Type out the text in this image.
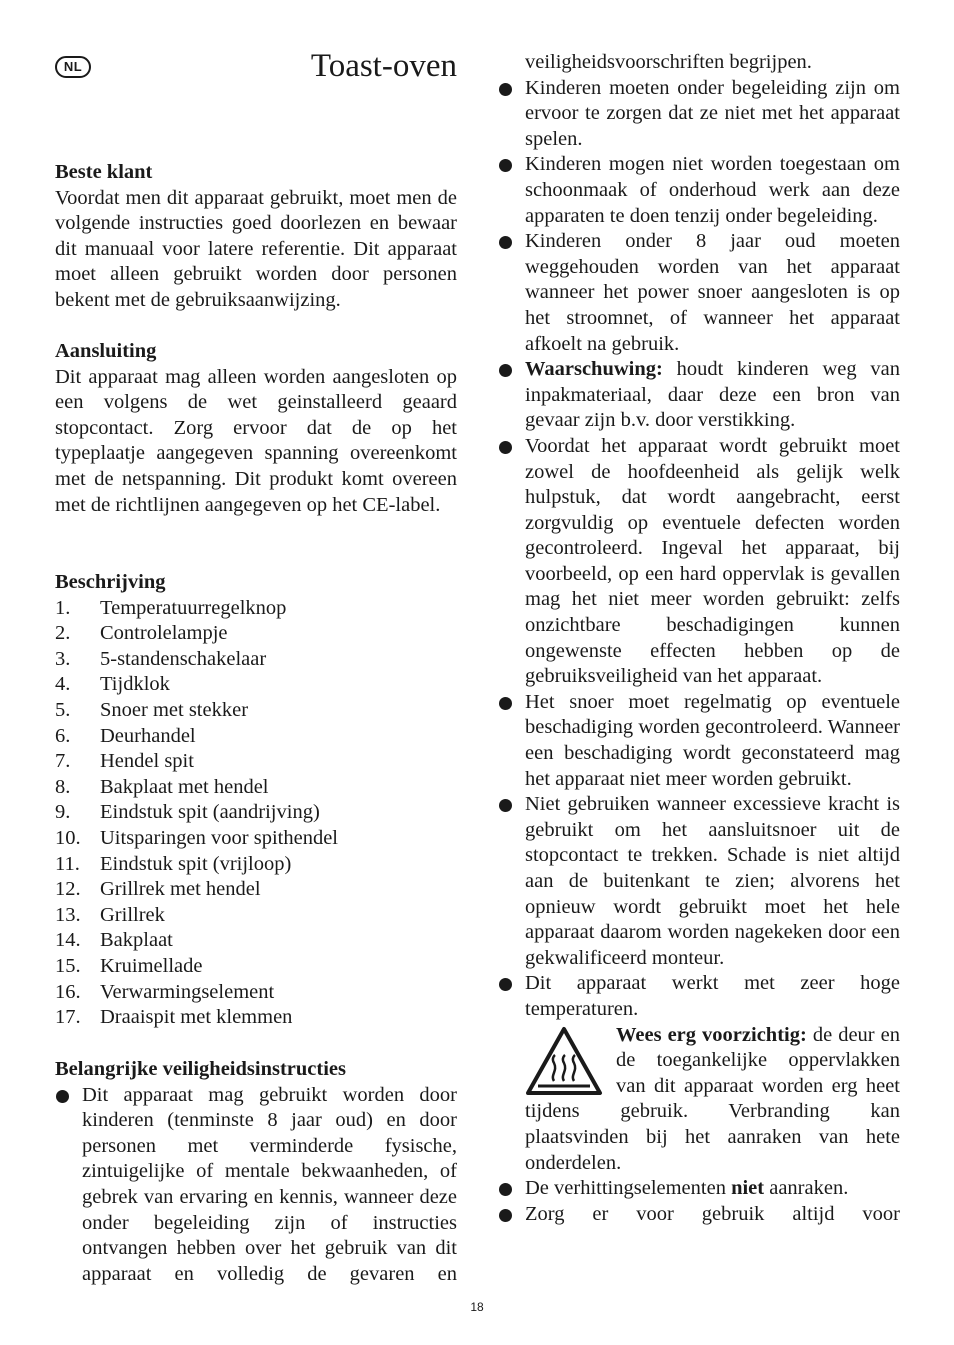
NL	Toast-oven
Beste klant

Voordat men dit apparaat gebruikt, moet men de volgende instructies goed doorlezen en bewaar dit manuaal voor latere referentie. Dit apparaat moet alleen gebruikt worden door personen bekent met de gebruiksaanwijzing.

Aansluiting

Dit apparaat mag alleen worden aangesloten op een volgens de wet geinstalleerd geaard stopcontact. Zorg ervoor dat de op het typeplaatje aangegeven spanning overeenkomt met de netspanning. Dit produkt komt overeen met de richtlijnen aangegeven op het CE-label.

Beschrijving
1.	Temperatuurregelknop
2.	Controlelampje
3.	5-standenschakelaar
4.	Tijdklok
5.	Snoer met stekker
6.	Deurhandel
7.	Hendel spit
8.	Bakplaat met hendel
9.	Eindstuk spit (aandrijving)
10. Uitsparingen voor spithendel
11. Eindstuk spit (vrijloop)
12. Grillrek met hendel
13. Grillrek
14. Bakplaat
15. Kruimellade
16. Verwarmingselement
17. Draaispit met klemmen
Belangrijke veiligheidsinstructies
Dit apparaat mag gebruikt worden door kinderen (tenminste 8 jaar oud) en door personen met verminderde fysische, zintuigelijke of mentale bekwaanheden, of gebrek van ervaring en kennis, wanneer deze onder begeleiding zijn of instructies ontvangen hebben over het gebruik van dit apparaat en volledig de gevaren en
veiligheidsvoorschriften begrijpen.
Kinderen moeten onder begeleiding zijn om ervoor te zorgen dat ze niet met het apparaat spelen.
Kinderen mogen niet worden toegestaan om schoonmaak of onderhoud werk aan deze apparaten te doen tenzij onder begeleiding.
Kinderen onder 8 jaar oud moeten weggehouden worden van het apparaat wanneer het power snoer aangesloten is op het stroomnet, of wanneer het apparaat afkoelt na gebruik.
Waarschuwing: houdt kinderen weg van inpakmateriaal, daar deze een bron van gevaar zijn b.v. door verstikking.
Voordat het apparaat wordt gebruikt moet zowel de hoofdeenheid als gelijk welk hulpstuk, dat wordt aangebracht, eerst zorgvuldig op eventuele defecten worden gecontroleerd. Ingeval het apparaat, bij voorbeeld, op een hard oppervlak is gevallen mag het niet meer worden gebruikt: zelfs onzichtbare beschadigingen kunnen ongewenste effecten hebben op de gebruiksveiligheid van het apparaat.
Het snoer moet regelmatig op eventuele beschadiging worden gecontroleerd. Wanneer een beschadiging wordt geconstateerd mag het apparaat niet meer worden gebruikt.
Niet gebruiken wanneer excessieve kracht is gebruikt om het aansluitsnoer uit de stopcontact te trekken. Schade is niet altijd aan de buitenkant te zien; alvorens het opnieuw wordt gebruikt moet het hele apparaat daarom worden nagekeken door een gekwalificeerd monteur.
Dit apparaat werkt met zeer hoge temperaturen.
Wees erg voorzichtig: de deur en de toegankelijke oppervlakken van dit apparaat worden erg heet tijdens gebruik. Verbranding kan plaatsvinden bij het aanraken van hete onderdelen.
De verhittingselementen niet aanraken.
Zorg er voor gebruik altijd voor
18
